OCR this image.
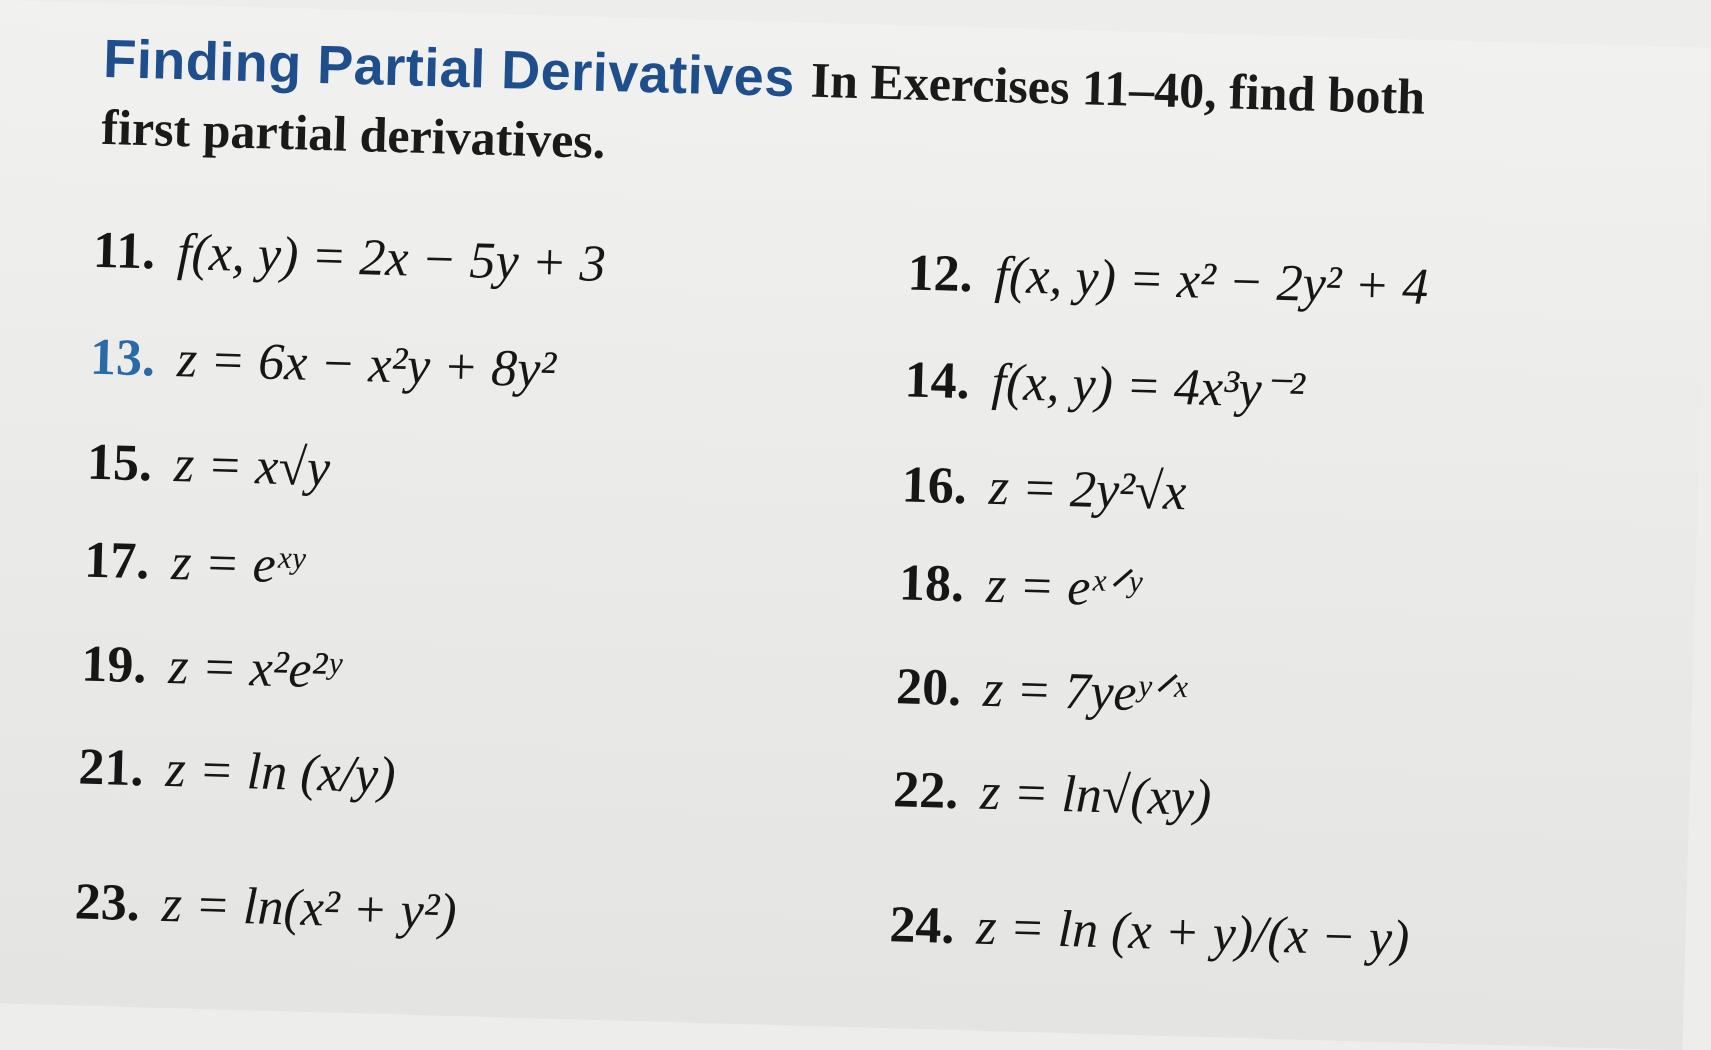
Finding Partial Derivatives In Exercises 11–40, find both
first partial derivatives.
11. f(x, y) = 2x − 5y + 3	12. f(x, y) = x² − 2y² + 4
13. z = 6x − x²y + 8y²	14. f(x, y) = 4x³y⁻²
15. z = x√y	16. z = 2y²√x
17. z = eˣʸ	18. z = eˣᐟʸ
19. z = x²e²ʸ	20. z = 7yeʸᐟˣ
21. z = ln (x/y)	22. z = ln√(xy)
23. z = ln(x² + y²)	24. z = ln (x + y)/(x − y)
